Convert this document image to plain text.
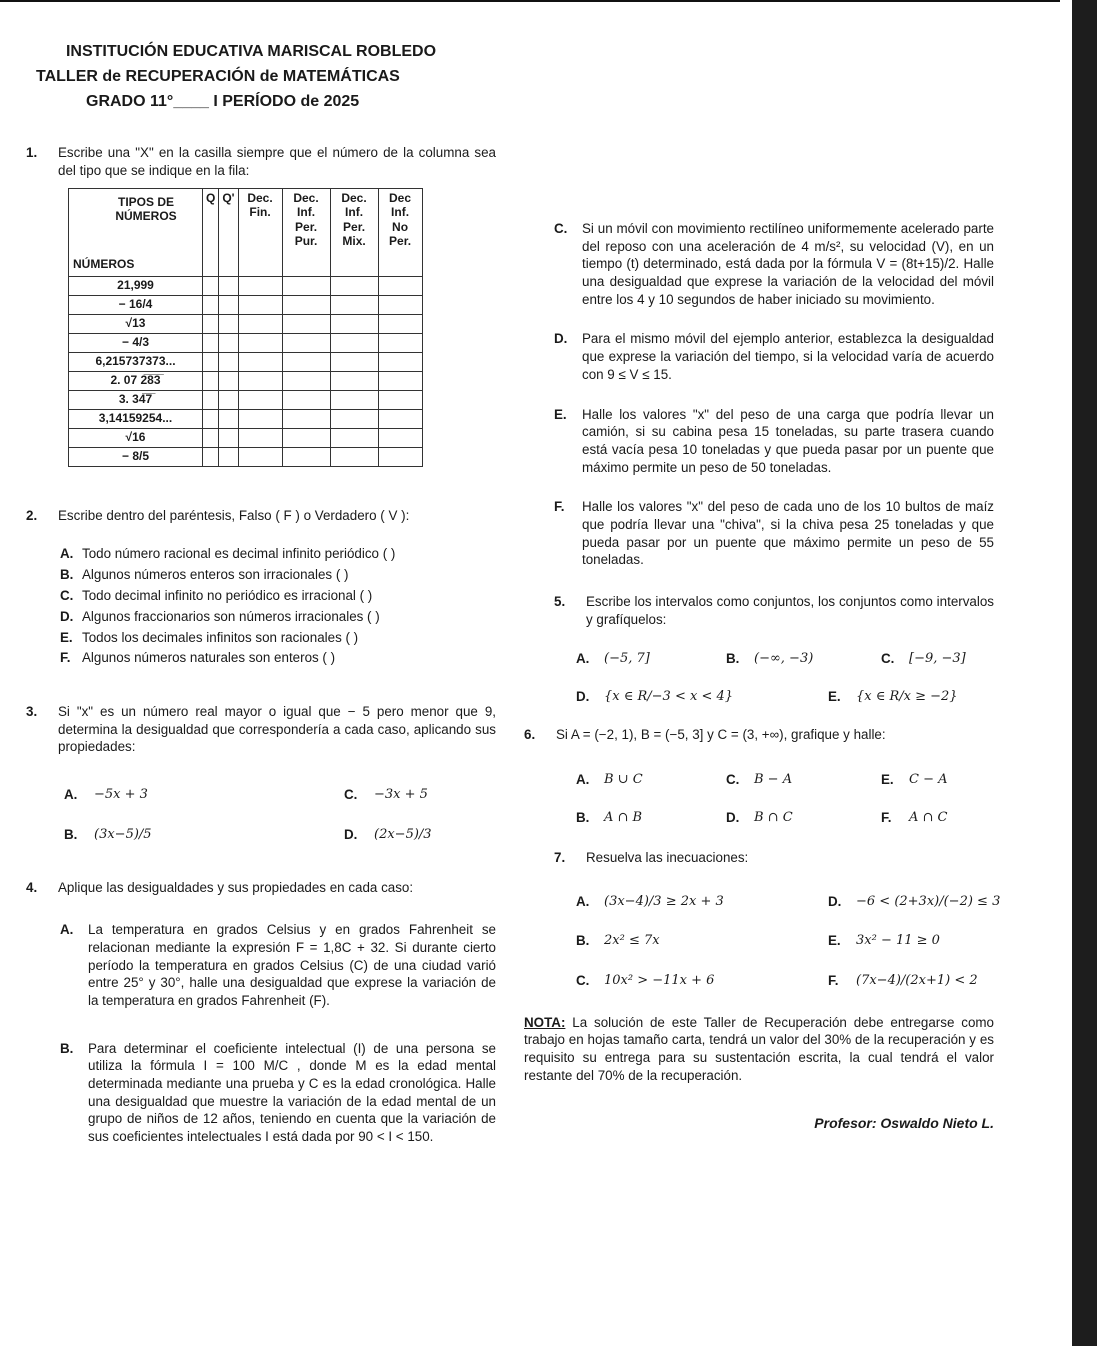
INSTITUCIÓN EDUCATIVA MARISCAL ROBLEDO
TALLER de RECUPERACIÓN de MATEMÁTICAS
GRADO 11°____ I PERÍODO de 2025
1.	Escribe una "X" en la casilla siempre que el número de la columna sea del tipo que se indique en la fila:
TIPOS DE NÚMEROS
NÚMEROS	Q	Q'	Dec. Fin.	Dec. Inf. Per. Pur.	Dec. Inf. Per. Mix.	Dec Inf. No Per.
21,999						
− 16/4						
√13						
− 4/3						
6,215737373...						
2. 07 2̅8̅3̅						
3. 34̅7̅						
3,14159254...						
√16						
− 8/5						
2.	Escribe dentro del paréntesis, Falso ( F ) o Verdadero ( V ):
A. Todo número racional es decimal infinito periódico ( )
B. Algunos números enteros son irracionales ( )
C. Todo decimal infinito no periódico es irracional ( )
D. Algunos fraccionarios son números irracionales ( )
E. Todos los decimales infinitos son racionales ( )
F. Algunos números naturales son enteros ( )
3.	Si "x" es un número real mayor o igual que − 5 pero menor que 9, determina la desigualdad que correspondería a cada caso, aplicando sus propiedades:
A. −5x + 3	C. −3x + 5
B. (3x−5)/5	D. (2x−5)/3
4.	Aplique las desigualdades y sus propiedades en cada caso:
A. La temperatura en grados Celsius y en grados Fahrenheit se relacionan mediante la expresión F = 1,8C + 32. Si durante cierto período la temperatura en grados Celsius (C) de una ciudad varió entre 25° y 30°, halle una desigualdad que exprese la variación de la temperatura en grados Fahrenheit (F).
B. Para determinar el coeficiente intelectual (I) de una persona se utiliza la fórmula I = 100 M/C , donde M es la edad mental determinada mediante una prueba y C es la edad cronológica. Halle una desigualdad que muestre la variación de la edad mental de un grupo de niños de 12 años, teniendo en cuenta que la variación de sus coeficientes intelectuales I está dada por 90 < I < 150.
C. Si un móvil con movimiento rectilíneo uniformemente acelerado parte del reposo con una aceleración de 4 m/s², su velocidad (V), en un tiempo (t) determinado, está dada por la fórmula V = (8t+15)/2. Halle una desigualdad que exprese la variación de la velocidad del móvil entre los 4 y 10 segundos de haber iniciado su movimiento.
D. Para el mismo móvil del ejemplo anterior, establezca la desigualdad que exprese la variación del tiempo, si la velocidad varía de acuerdo con 9 ≤ V ≤ 15.
E. Halle los valores "x" del peso de una carga que podría llevar un camión, si su cabina pesa 15 toneladas, su parte trasera cuando está vacía pesa 10 toneladas y que pueda pasar por un puente que máximo permite un peso de 50 toneladas.
F.	Halle los valores "x" del peso de cada uno de los 10 bultos de maíz que podría llevar una "chiva", si la chiva pesa 25 toneladas y que pueda pasar por un puente que máximo permite un peso de 55 toneladas.
5.	Escribe los intervalos como conjuntos, los conjuntos como intervalos y grafíquelos:
A. (−5, 7]	B. (−∞, −3)	C. [−9, −3]
D. {x ∈ R/−3 < x < 4}	E. {x ∈ R/x ≥ −2}
6.	Si A = (−2, 1), B = (−5, 3] y C = (3, +∞), grafique y halle:
A. B ∪ C	C. B − A	E. C − A
B. A ∩ B	D. B ∩ C	F.	A ∩ C
7.	Resuelva las inecuaciones:
A. (3x−4)/3 ≥ 2x + 3	D. −6 < (2+3x)/(−2) ≤ 3
B. 2x² ≤ 7x	E. 3x² − 11 ≥ 0
C. 10x² > −11x + 6	F.	(7x−4)/(2x+1) < 2
NOTA: La solución de este Taller de Recuperación debe entregarse como trabajo en hojas tamaño carta, tendrá un valor del 30% de la recuperación y es requisito su entrega para su sustentación escrita, la cual tendrá el valor restante del 70% de la recuperación.
Profesor: Oswaldo Nieto L.
